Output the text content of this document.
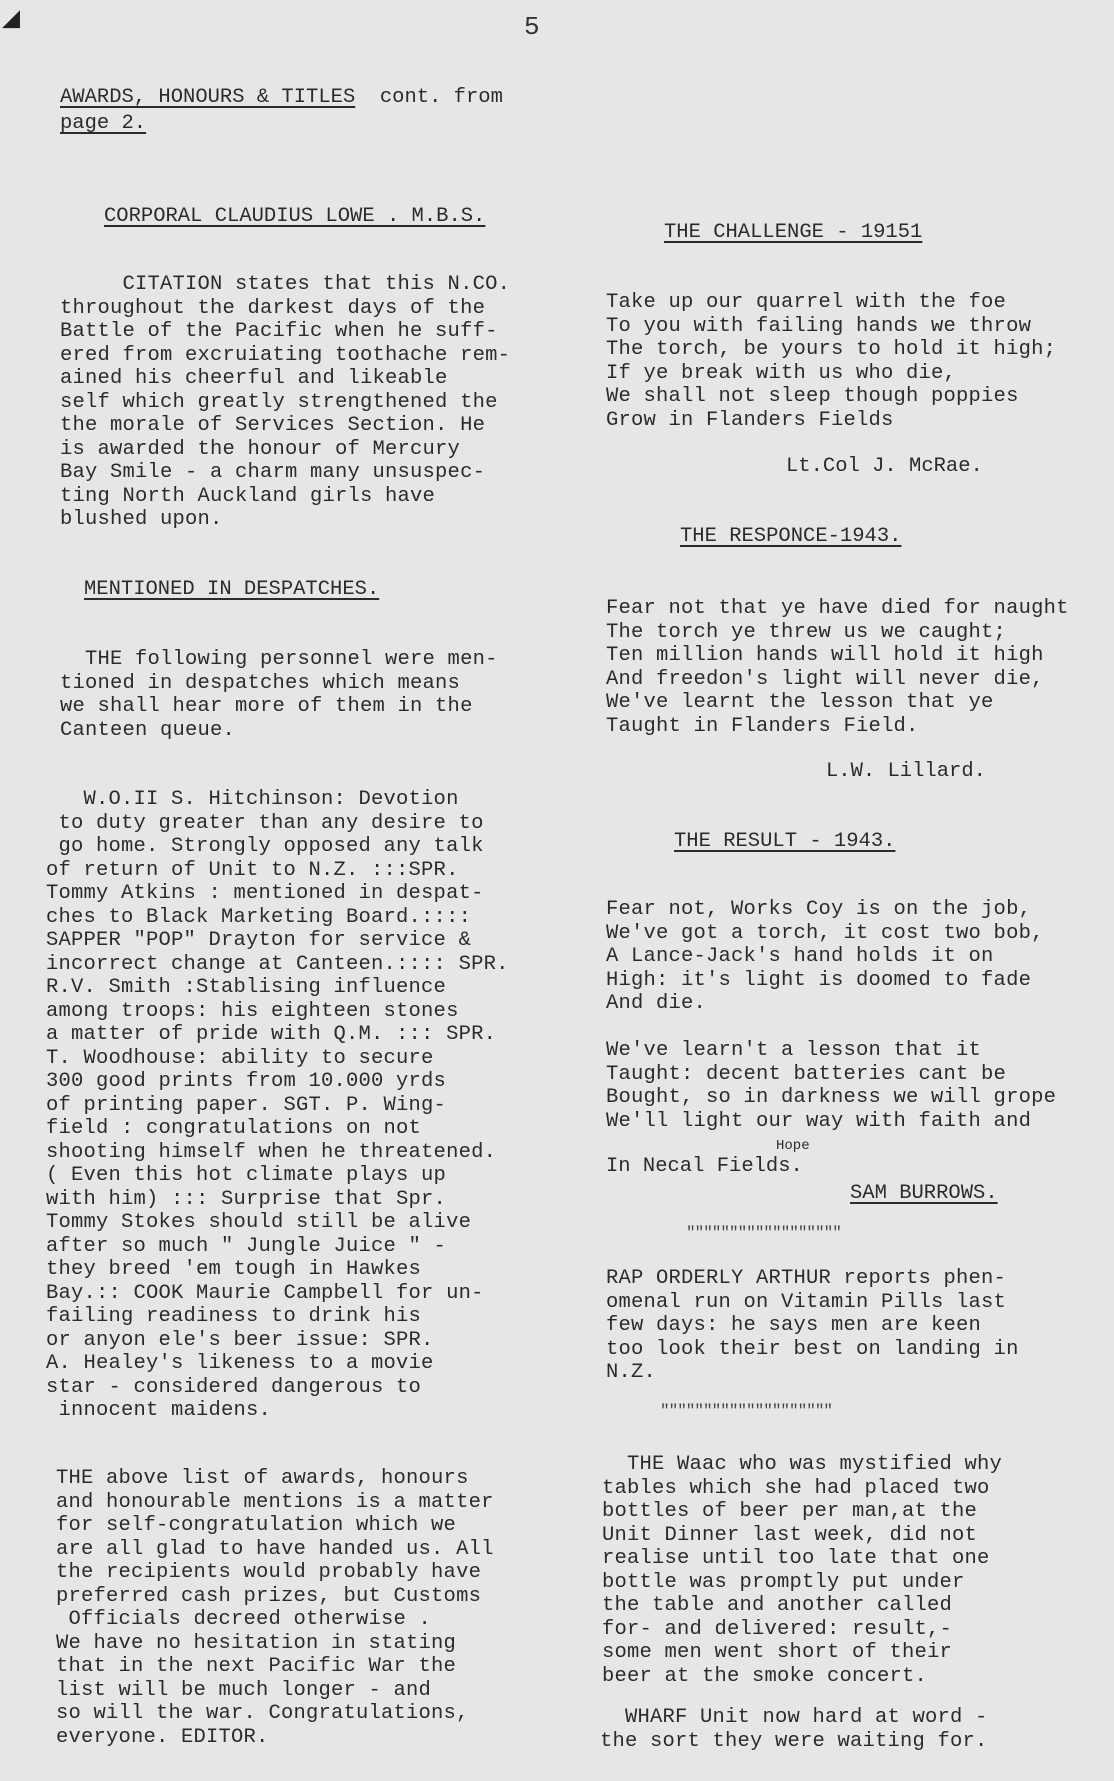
◢	5
AWARDS, HONOURS & TITLES cont. from
page 2.
CORPORAL CLAUDIUS LOWE . M.B.S.
CITATION states that this N.CO.
throughout the darkest days of the
Battle of the Pacific when he suff-
ered from excruiating toothache rem-
ained his cheerful and likeable
self which greatly strengthened the
the morale of Services Section. He
is awarded the honour of Mercury
Bay Smile - a charm many unsuspec-
ting North Auckland girls have
blushed upon.
MENTIONED IN DESPATCHES.
THE following personnel were men-
tioned in despatches which means
we shall hear more of them in the
Canteen queue.
W.O.II S. Hitchinson: Devotion
to duty greater than any desire to
go home. Strongly opposed any talk
of return of Unit to N.Z. :::SPR.
Tommy Atkins : mentioned in despat-
ches to Black Marketing Board.::::
SAPPER "POP" Drayton for service &
incorrect change at Canteen.:::: SPR.
R.V. Smith :Stablising influence
among troops: his eighteen stones
a matter of pride with Q.M. ::: SPR.
T. Woodhouse: ability to secure
300 good prints from 10.000 yrds
of printing paper. SGT. P. Wing-
field : congratulations on not
shooting himself when he threatened.
( Even this hot climate plays up
with him) ::: Surprise that Spr.
Tommy Stokes should still be alive
after so much " Jungle Juice " -
they breed 'em tough in Hawkes
Bay.:: COOK Maurie Campbell for un-
failing readiness to drink his
or anyon ele's beer issue: SPR.
A. Healey's likeness to a movie
star - considered dangerous to
innocent maidens.
THE above list of awards, honours
and honourable mentions is a matter
for self-congratulation which we
are all glad to have handed us. All
the recipients would probably have
preferred cash prizes, but Customs
Officials decreed otherwise .
We have no hesitation in stating
that in the next Pacific War the
list will be much longer - and
so will the war. Congratulations,
everyone. EDITOR.
THE CHALLENGE - 19151
Take up our quarrel with the foe
To you with failing hands we throw
The torch, be yours to hold it high;
If ye break with us who die,
We shall not sleep though poppies
Grow in Flanders Fields
Lt.Col J. McRae.
THE RESPONCE-1943.
Fear not that ye have died for naught
The torch ye threw us we caught;
Ten million hands will hold it high
And freedon's light will never die,
We've learnt the lesson that ye
Taught in Flanders Field.
L.W. Lillard.
THE RESULT - 1943.
Fear not, Works Coy is on the job,
We've got a torch, it cost two bob,
A Lance-Jack's hand holds it on
High: it's light is doomed to fade
And die.

We've learn't a lesson that it
Taught: decent batteries cant be
Bought, so in darkness we will grope
We'll light our way with faith and
Hope
In Necal Fields.
SAM BURROWS.
""""""""""""""""""
RAP ORDERLY ARTHUR reports phen-
omenal run on Vitamin Pills last
few days: he says men are keen
too look their best on landing in
N.Z.
""""""""""""""""""""
THE Waac who was mystified why
tables which she had placed two
bottles of beer per man,at the
Unit Dinner last week, did not
realise until too late that one
bottle was promptly put under
the table and another called
for- and delivered: result,-
some men went short of their
beer at the smoke concert.
WHARF Unit now hard at word -
the sort they were waiting for.
